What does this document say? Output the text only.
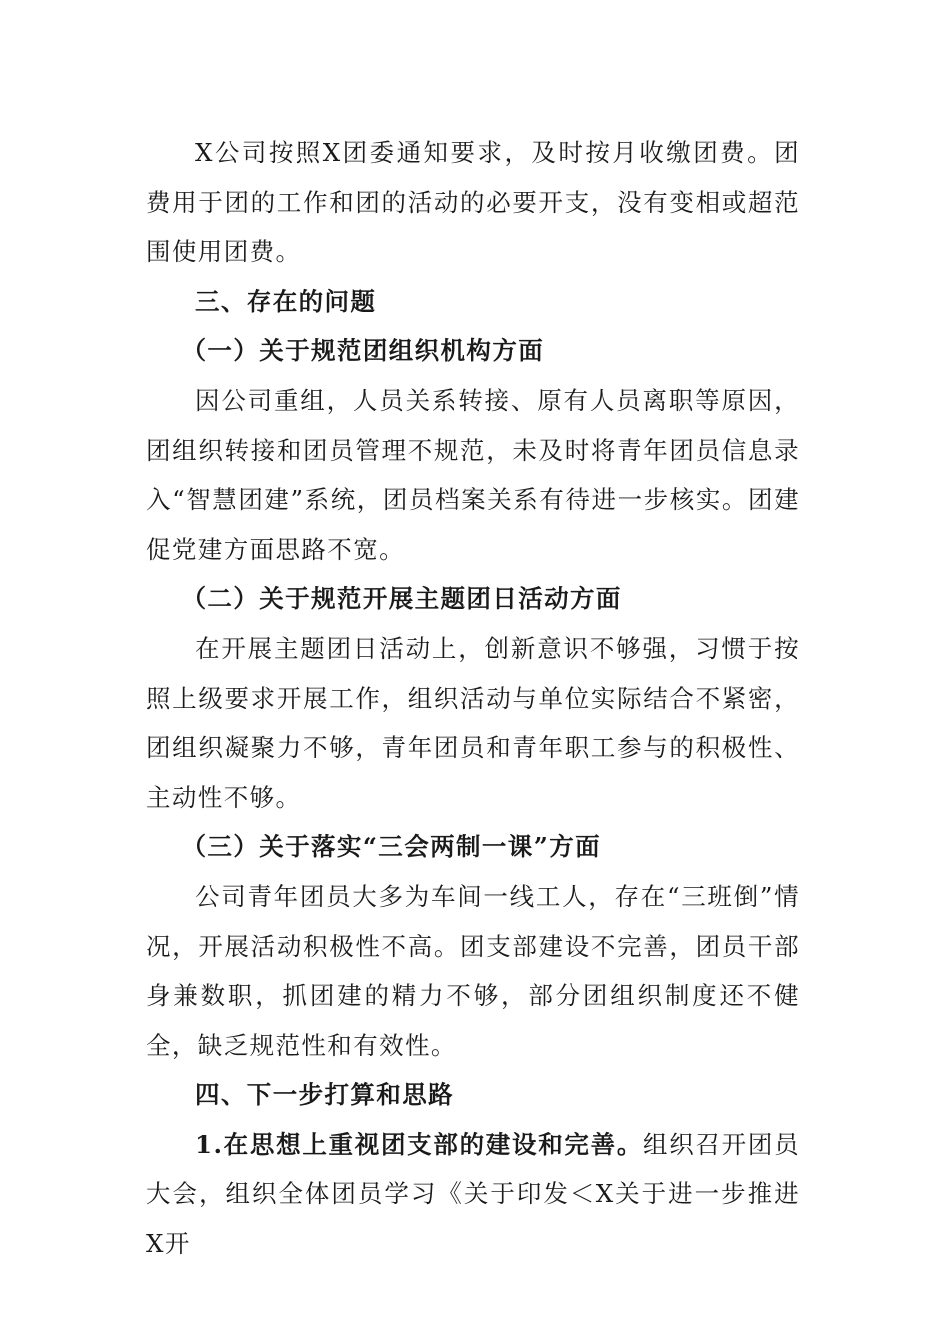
X公司按照X团委通知要求，及时按月收缴团费。团费用于团的工作和团的活动的必要开支，没有变相或超范围使用团费。

三、存在的问题

（一）关于规范团组织机构方面

因公司重组，人员关系转接、原有人员离职等原因，团组织转接和团员管理不规范，未及时将青年团员信息录入“智慧团建”系统，团员档案关系有待进一步核实。团建促党建方面思路不宽。

（二）关于规范开展主题团日活动方面

在开展主题团日活动上，创新意识不够强，习惯于按照上级要求开展工作，组织活动与单位实际结合不紧密，团组织凝聚力不够，青年团员和青年职工参与的积极性、主动性不够。

（三）关于落实“三会两制一课”方面

公司青年团员大多为车间一线工人，存在“三班倒”情况，开展活动积极性不高。团支部建设不完善，团员干部身兼数职，抓团建的精力不够，部分团组织制度还不健全，缺乏规范性和有效性。

四、下一步打算和思路

1.在思想上重视团支部的建设和完善。组织召开团员大会，组织全体团员学习《关于印发＜X关于进一步推进X开
